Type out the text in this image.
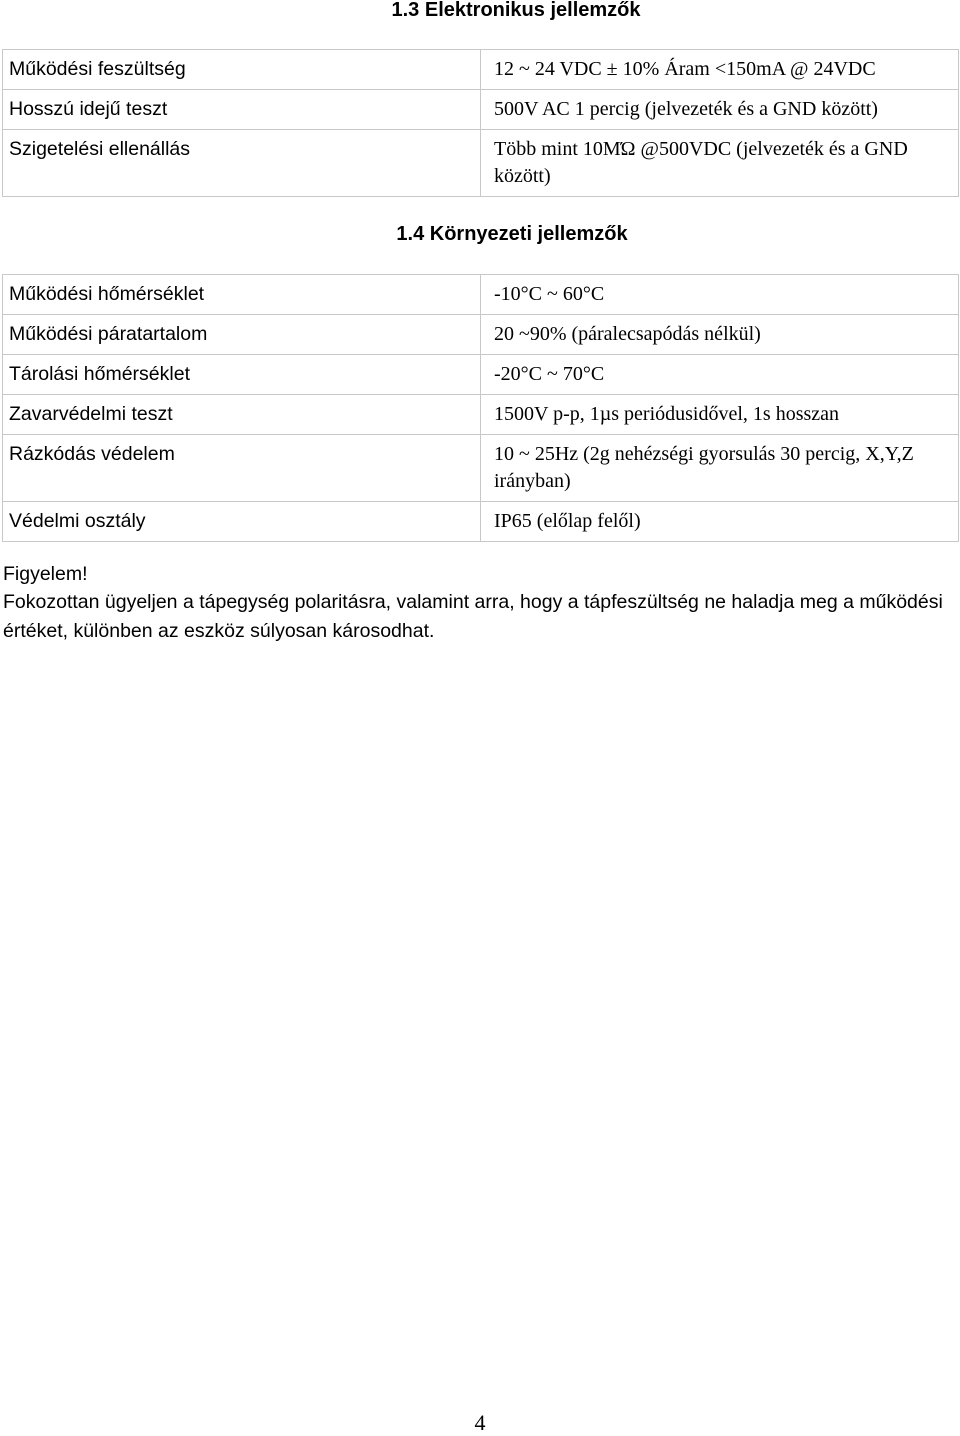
1.3 Elektronikus jellemzők
Működési feszültség	12 ~ 24 VDC ± 10% Áram <150mA @ 24VDC
Hosszú idejű teszt	500V AC 1 percig (jelvezeték és a GND között)
Szigetelési ellenállás	Több mint 10MΏ @500VDC (jelvezeték és a GND között)
1.4 Környezeti jellemzők
Működési hőmérséklet	-10°C ~ 60°C
Működési páratartalom	20 ~90% (páralecsapódás nélkül)
Tárolási hőmérséklet	-20°C ~ 70°C
Zavarvédelmi teszt	1500V p-p, 1µs periódusidővel, 1s hosszan
Rázkódás védelem	10 ~ 25Hz (2g nehézségi gyorsulás 30 percig, X,Y,Z irányban)
Védelmi osztály	IP65 (előlap felől)

Figyelem!

Fokozottan ügyeljen a tápegység polaritásra, valamint arra, hogy a tápfeszültség ne haladja meg a működési értéket, különben az eszköz súlyosan károsodhat.

4
